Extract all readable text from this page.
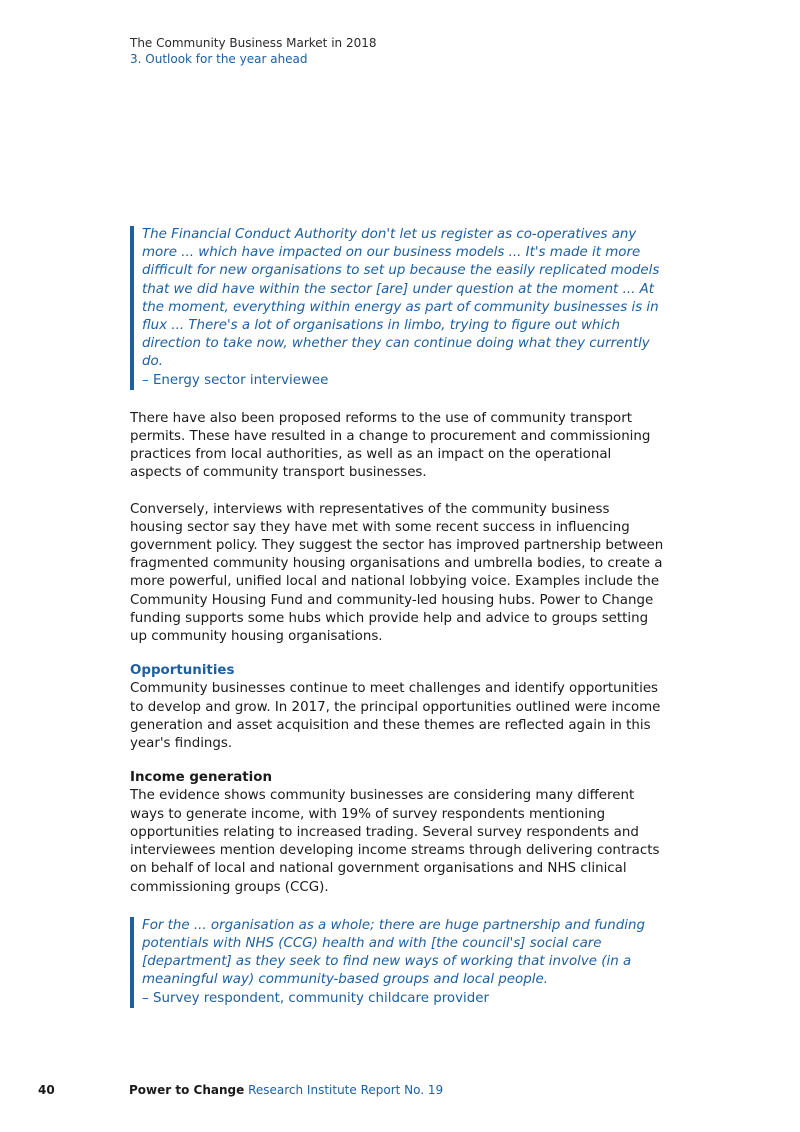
The Community Business Market in 2018

3. Outlook for the year ahead

The Financial Conduct Authority don't let us register as co-operatives any more ... which have impacted on our business models ... It's made it more difficult for new organisations to set up because the easily replicated models that we did have within the sector [are] under question at the moment ... At the moment, everything within energy as part of community businesses is in flux ... There's a lot of organisations in limbo, trying to figure out which direction to take now, whether they can continue doing what they currently do.

– Energy sector interviewee

There have also been proposed reforms to the use of community transport permits. These have resulted in a change to procurement and commissioning practices from local authorities, as well as an impact on the operational aspects of community transport businesses.

Conversely, interviews with representatives of the community business housing sector say they have met with some recent success in influencing government policy. They suggest the sector has improved partnership between fragmented community housing organisations and umbrella bodies, to create a more powerful, unified local and national lobbying voice. Examples include the Community Housing Fund and community-led housing hubs. Power to Change funding supports some hubs which provide help and advice to groups setting up community housing organisations.

Opportunities

Community businesses continue to meet challenges and identify opportunities to develop and grow. In 2017, the principal opportunities outlined were income generation and asset acquisition and these themes are reflected again in this year's findings.

Income generation

The evidence shows community businesses are considering many different ways to generate income, with 19% of survey respondents mentioning opportunities relating to increased trading. Several survey respondents and interviewees mention developing income streams through delivering contracts on behalf of local and national government organisations and NHS clinical commissioning groups (CCG).

For the ... organisation as a whole; there are huge partnership and funding potentials with NHS (CCG) health and with [the council's] social care [department] as they seek to find new ways of working that involve (in a meaningful way) community-based groups and local people.

– Survey respondent, community childcare provider
40	Power to Change Research Institute Report No. 19
